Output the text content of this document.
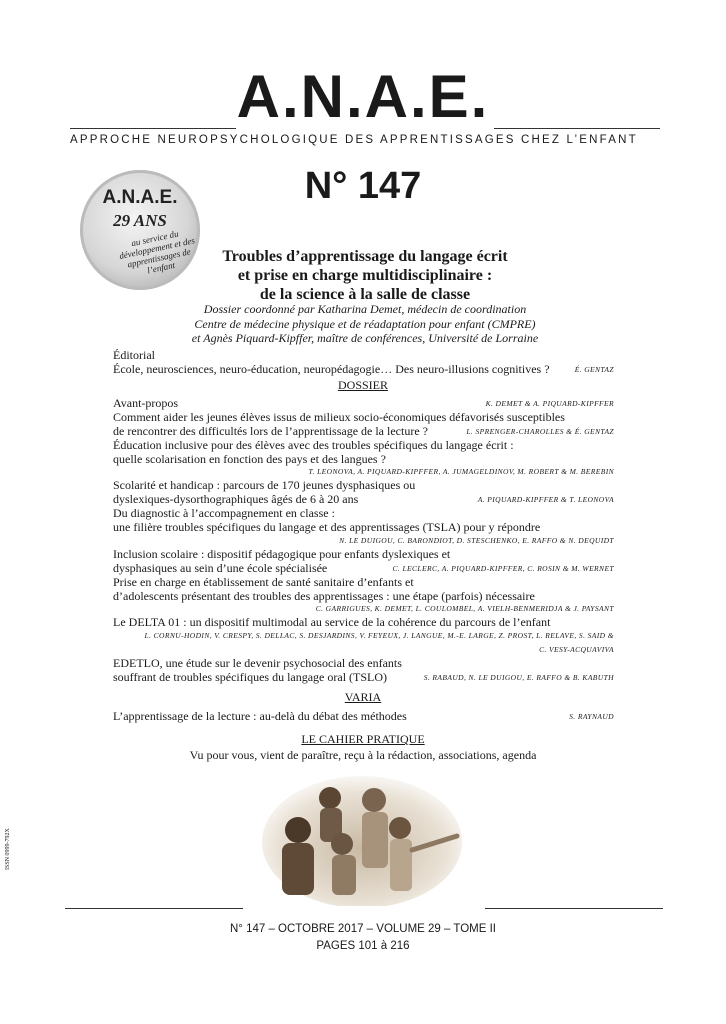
A.N.A.E.
APPROCHE NEUROPSYCHOLOGIQUE DES APPRENTISSAGES CHEZ L’ENFANT
N° 147
A.N.A.E.
29 ANS
au service du développement et des apprentissages de l’enfant
Troubles d’apprentissage du langage écrit
et prise en charge multidisciplinaire :
de la science à la salle de classe
Dossier coordonné par Katharina Demet, médecin de coordination
Centre de médecine physique et de réadaptation pour enfant (CMPRE)
et Agnès Piquard-Kipffer, maître de conférences, Université de Lorraine
Éditorial
École, neurosciences, neuro-éducation, neuropédagogie… Des neuro-illusions cognitives ?	É. GENTAZ
DOSSIER
Avant-propos	K. DEMET & A. PIQUARD-KIPFFER
Comment aider les jeunes élèves issus de milieux socio-économiques défavorisés susceptibles
de rencontrer des difficultés lors de l’apprentissage de la lecture ?	L. SPRENGER-CHAROLLES & É. GENTAZ
Éducation inclusive pour des élèves avec des troubles spécifiques du langage écrit :
quelle scolarisation en fonction des pays et des langues ?
T. LEONOVA, A. PIQUARD-KIPFFER, A. JUMAGELDINOV, M. ROBERT & M. BEREBIN
Scolarité et handicap : parcours de 170 jeunes dysphasiques ou
dyslexiques-dysorthographiques âgés de 6 à 20 ans	A. PIQUARD-KIPFFER & T. LEONOVA
Du diagnostic à l’accompagnement en classe :
une filière troubles spécifiques du langage et des apprentissages (TSLA) pour y répondre
N. LE DUIGOU, C. BARONDIOT, D. STESCHENKO, E. RAFFO & N. DEQUIDT
Inclusion scolaire : dispositif pédagogique pour enfants dyslexiques et
dysphasiques au sein d’une école spécialisée	C. LECLERC, A. PIQUARD-KIPFFER, C. ROSIN & M. WERNET
Prise en charge en établissement de santé sanitaire d’enfants et
d’adolescents présentant des troubles des apprentissages : une étape (parfois) nécessaire
C. GARRIGUES, K. DEMET, L. COULOMBEL, A. VIELH-BENMERIDJA & J. PAYSANT
Le DELTA 01 : un dispositif multimodal au service de la cohérence du parcours de l’enfant
L. CORNU-HODIN, V. CRESPY, S. DELLAC, S. DESJARDINS, V. FEYEUX, J. LANGUE, M.-E. LARGE, Z. PROST, L. RELAVE, S. SAID &
C. VESY-ACQUAVIVA
EDETLO, une étude sur le devenir psychosocial des enfants
souffrant de troubles spécifiques du langage oral (TSLO)	S. RABAUD, N. LE DUIGOU, E. RAFFO & B. KABUTH
VARIA
L’apprentissage de la lecture : au-delà du débat des méthodes	S. RAYNAUD
LE CAHIER PRATIQUE
Vu pour vous, vient de paraître, reçu à la rédaction, associations, agenda
ISSN 0999-792X
N° 147 – OCTOBRE 2017 – VOLUME 29 – TOME II
PAGES 101 à 216
